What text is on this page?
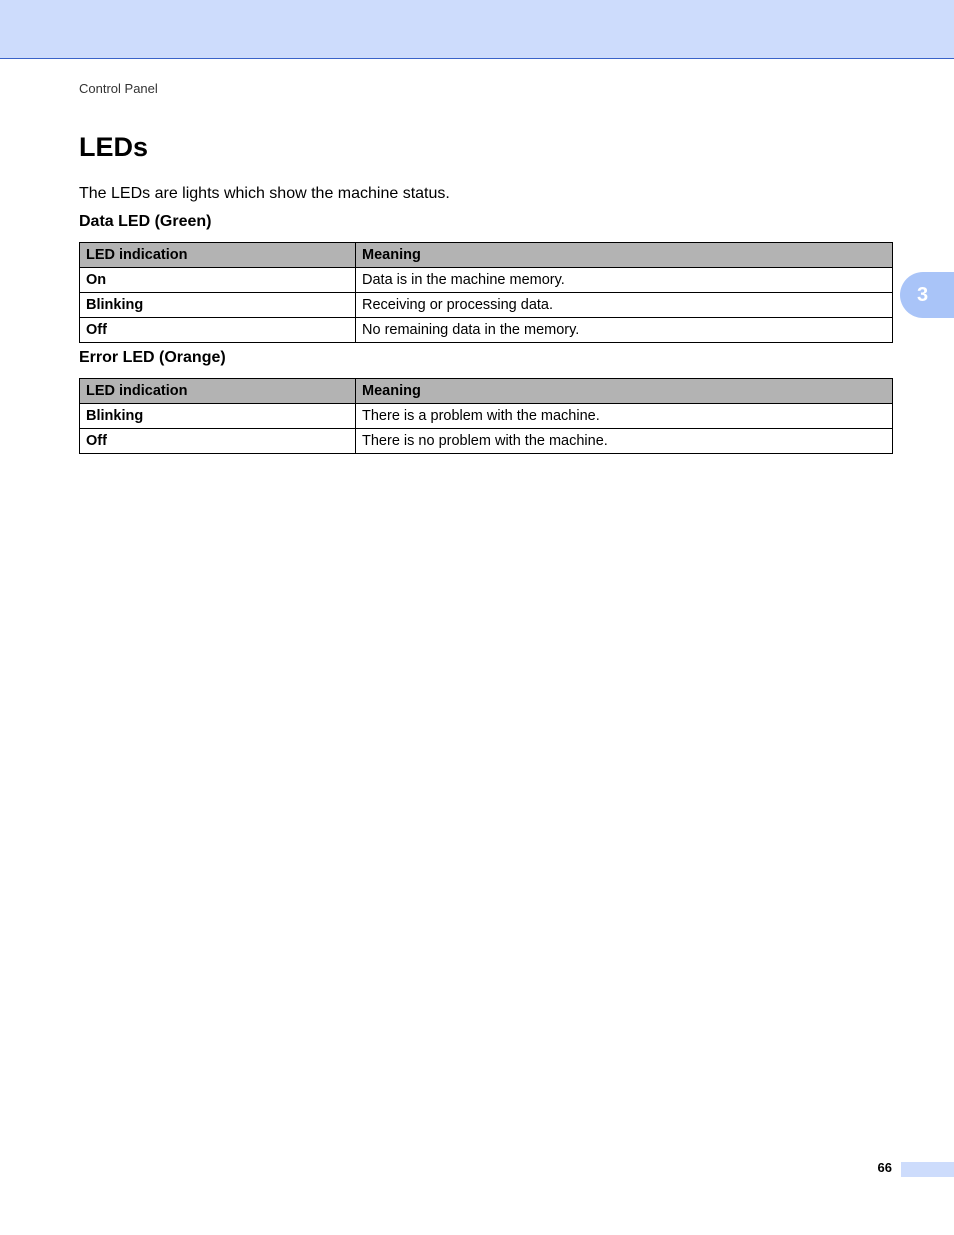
Control Panel
LEDs

The LEDs are lights which show the machine status.

Data LED (Green)
LED indication	Meaning
On	Data is in the machine memory.
Blinking	Receiving or processing data.
Off	No remaining data in the memory.
Error LED (Orange)
LED indication	Meaning
Blinking	There is a problem with the machine.
Off	There is no problem with the machine.
3
66
